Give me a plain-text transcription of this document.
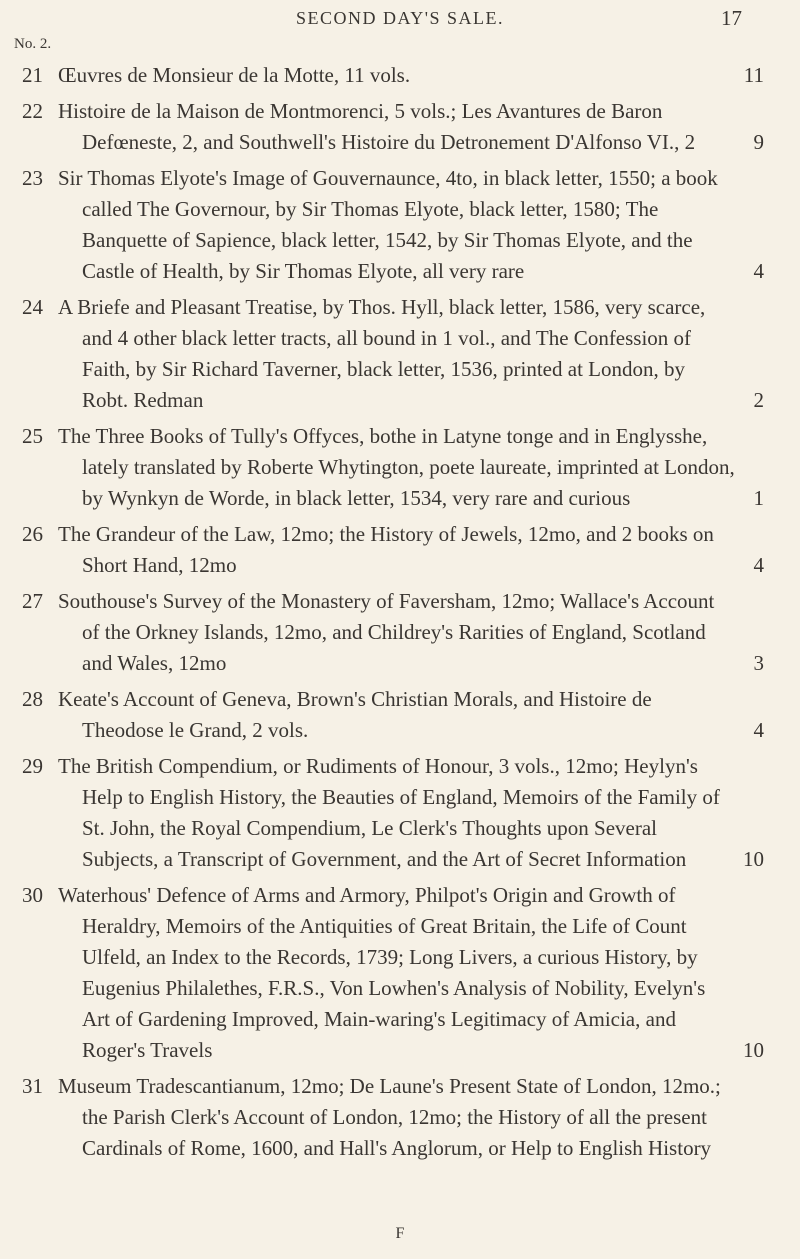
SECOND DAY'S SALE.	17
No. 2.
21 Œuvres de Monsieur de la Motte, 11 vols.	11
22 Histoire de la Maison de Montmorenci, 5 vols.; Les Avantures de Baron Defœneste, 2, and Southwell's Histoire du Detronement D'Alfonso VI., 2	9
23 Sir Thomas Elyote's Image of Gouvernaunce, 4to, in black letter, 1550; a book called The Governour, by Sir Thomas Elyote, black letter, 1580; The Banquette of Sapience, black letter, 1542, by Sir Thomas Elyote, and the Castle of Health, by Sir Thomas Elyote, all very rare	4
24 A Briefe and Pleasant Treatise, by Thos. Hyll, black letter, 1586, very scarce, and 4 other black letter tracts, all bound in 1 vol., and The Confession of Faith, by Sir Richard Taverner, black letter, 1536, printed at London, by Robt. Redman	2
25 The Three Books of Tully's Offyces, bothe in Latyne tonge and in Englysshe, lately translated by Roberte Whytington, poete laureate, imprinted at London, by Wynkyn de Worde, in black letter, 1534, very rare and curious	1
26 The Grandeur of the Law, 12mo; the History of Jewels, 12mo, and 2 books on Short Hand, 12mo	4
27 Southouse's Survey of the Monastery of Faversham, 12mo; Wallace's Account of the Orkney Islands, 12mo, and Childrey's Rarities of England, Scotland and Wales, 12mo	3
28 Keate's Account of Geneva, Brown's Christian Morals, and Histoire de Theodose le Grand, 2 vols.	4
29 The British Compendium, or Rudiments of Honour, 3 vols., 12mo; Heylyn's Help to English History, the Beauties of England, Memoirs of the Family of St. John, the Royal Compendium, Le Clerk's Thoughts upon Several Subjects, a Transcript of Government, and the Art of Secret Information	10
30 Waterhous' Defence of Arms and Armory, Philpot's Origin and Growth of Heraldry, Memoirs of the Antiquities of Great Britain, the Life of Count Ulfeld, an Index to the Records, 1739; Long Livers, a curious History, by Eugenius Philalethes, F.R.S., Von Lowhen's Analysis of Nobility, Evelyn's Art of Gardening Improved, Main-waring's Legitimacy of Amicia, and Roger's Travels	10
31 Museum Tradescantianum, 12mo; De Laune's Present State of London, 12mo.; the Parish Clerk's Account of London, 12mo; the History of all the present Cardinals of Rome, 1600, and Hall's Anglorum, or Help to English History
F
